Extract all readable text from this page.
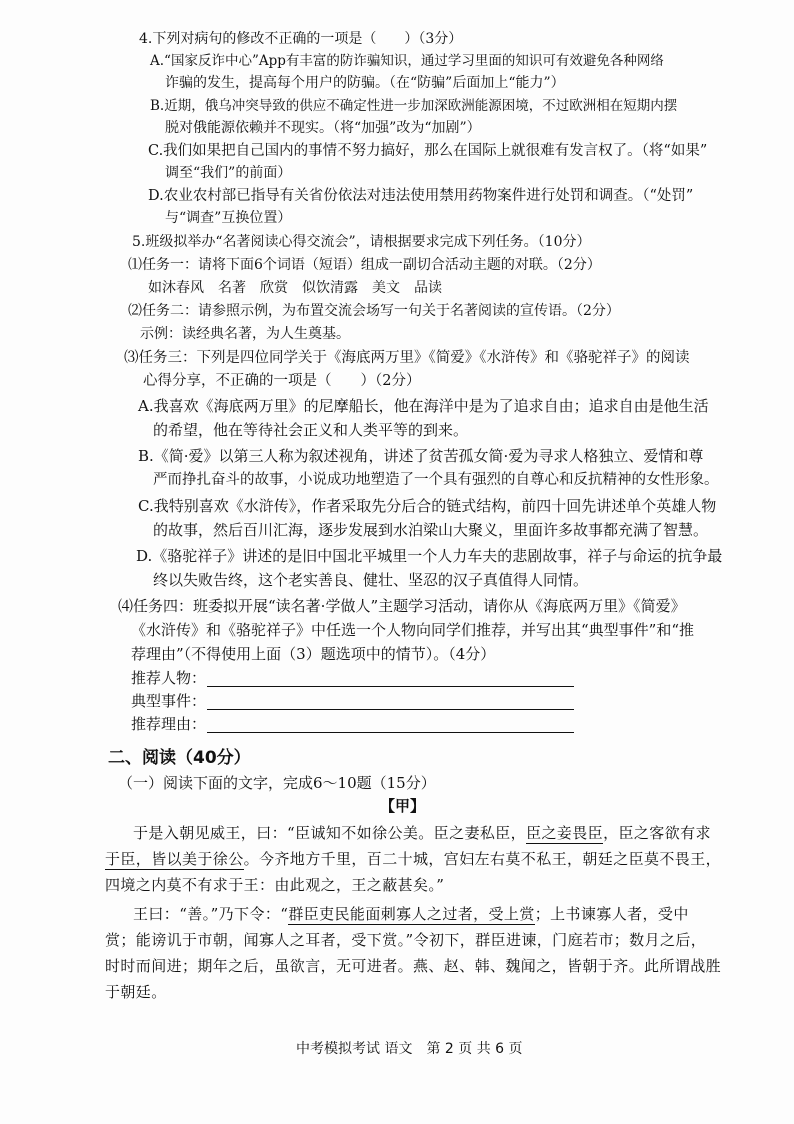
4.下列对病句的修改不正确的一项是（　　）（3分）
A.“国家反诈中心”App有丰富的防诈骗知识，通过学习里面的知识可有效避免各种网络
诈骗的发生，提高每个用户的防骗。（在“防骗”后面加上“能力”）
B.近期，俄乌冲突导致的供应不确定性进一步加深欧洲能源困境，不过欧洲相在短期内摆
脱对俄能源依赖并不现实。（将“加强”改为“加剧”）
C.我们如果把自己国内的事情不努力搞好，那么在国际上就很难有发言权了。（将“如果”
调至“我们”的前面）
D.农业农村部已指导有关省份依法对违法使用禁用药物案件进行处罚和调查。（“处罚”
与“调查”互换位置）
5.班级拟举办“名著阅读心得交流会”，请根据要求完成下列任务。（10分）
⑴任务一：请将下面6个词语（短语）组成一副切合活动主题的对联。（2分）
如沐春风　名著　欣赏　似饮清露　美文　品读
⑵任务二：请参照示例，为布置交流会场写一句关于名著阅读的宣传语。（2分）
示例：读经典名著，为人生奠基。
⑶任务三：下列是四位同学关于《海底两万里》《简爱》《水浒传》和《骆驼祥子》的阅读
心得分享，不正确的一项是（　　）（2分）
A.我喜欢《海底两万里》的尼摩船长，他在海洋中是为了追求自由；追求自由是他生活
的希望，他在等待社会正义和人类平等的到来。
B.《简·爱》以第三人称为叙述视角，讲述了贫苦孤女简·爱为寻求人格独立、爱情和尊
严而挣扎奋斗的故事，小说成功地塑造了一个具有强烈的自尊心和反抗精神的女性形象。
C.我特别喜欢《水浒传》，作者采取先分后合的链式结构，前四十回先讲述单个英雄人物
的故事，然后百川汇海，逐步发展到水泊梁山大聚义，里面许多故事都充满了智慧。
D.《骆驼祥子》讲述的是旧中国北平城里一个人力车夫的悲剧故事，祥子与命运的抗争最
终以失败告终，这个老实善良、健壮、坚忍的汉子真值得人同情。
⑷任务四：班委拟开展“读名著·学做人”主题学习活动，请你从《海底两万里》《简爱》
《水浒传》和《骆驼祥子》中任选一个人物向同学们推荐，并写出其“典型事件”和“推
荐理由”（不得使用上面（3）题选项中的情节）。（4分）
推荐人物：
典型事件：
推荐理由：
二、阅读（40分）
（一）阅读下面的文字，完成6～10题（15分）
【甲】
于是入朝见威王，曰：“臣诚知不如徐公美。臣之妻私臣，臣之妾畏臣，臣之客欲有求
于臣，皆以美于徐公。今齐地方千里，百二十城，宫妇左右莫不私王，朝廷之臣莫不畏王，
四境之内莫不有求于王：由此观之，王之蔽甚矣。”
王曰：“善。”乃下令：“群臣吏民能面刺寡人之过者，受上赏；上书谏寡人者，受中
赏；能谤讥于市朝，闻寡人之耳者，受下赏。”令初下，群臣进谏，门庭若市；数月之后，
时时而间进；期年之后，虽欲言，无可进者。燕、赵、韩、魏闻之，皆朝于齐。此所谓战胜
于朝廷。
中考模拟考试 语文　第 2 页 共 6 页
